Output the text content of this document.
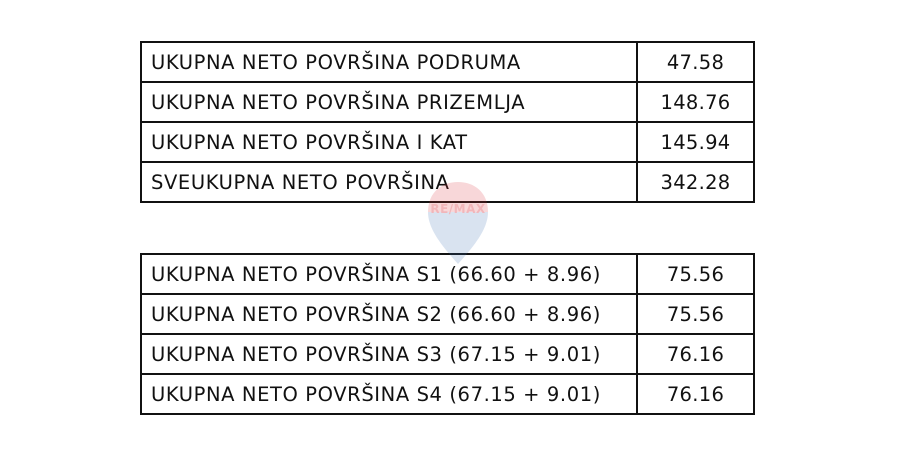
UKUPNA NETO POVRŠINA PODRUMA	47.58
UKUPNA NETO POVRŠINA PRIZEMLJA	148.76
UKUPNA NETO POVRŠINA I KAT	145.94
SVEUKUPNA NETO POVRŠINA	342.28
UKUPNA NETO POVRŠINA S1 (66.60 + 8.96)	75.56
UKUPNA NETO POVRŠINA S2 (66.60 + 8.96)	75.56
UKUPNA NETO POVRŠINA S3 (67.15 + 9.01)	76.16
UKUPNA NETO POVRŠINA S4 (67.15 + 9.01)	76.16
RE/MAX
